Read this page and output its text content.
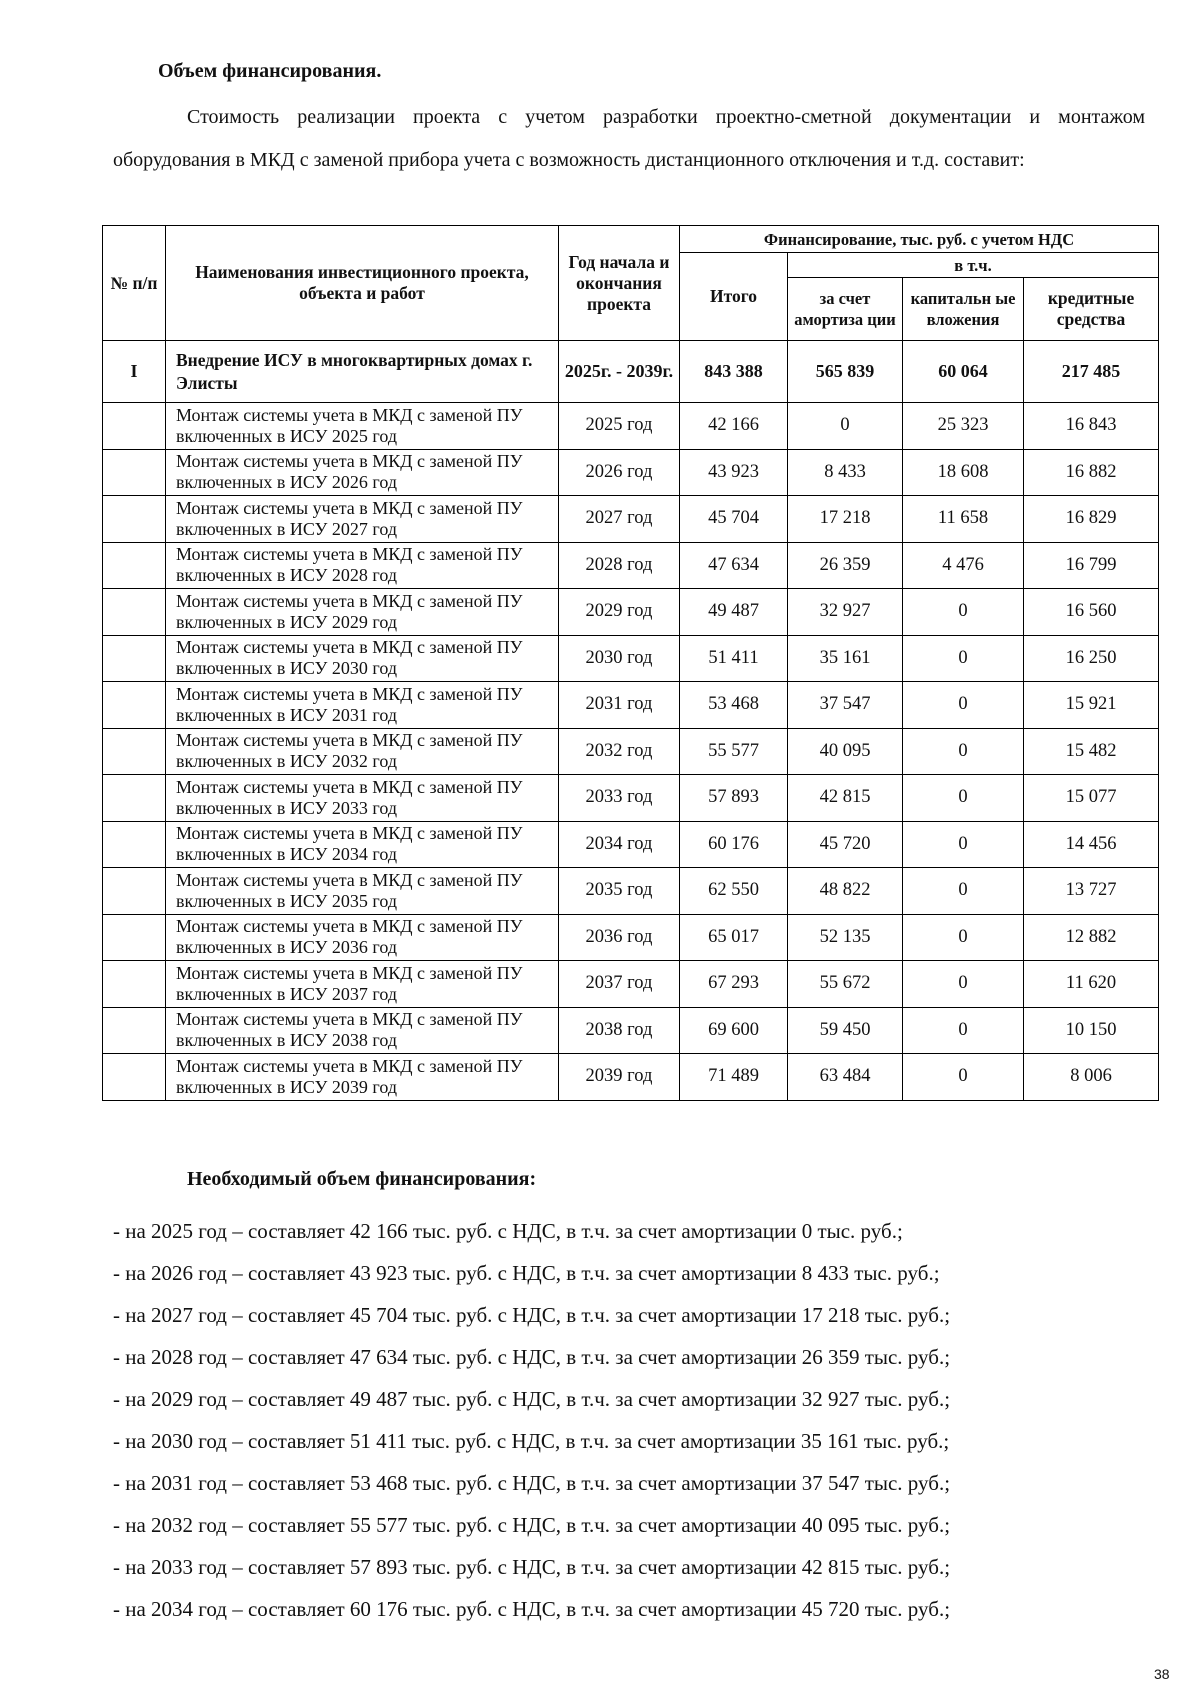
Объем финансирования.
Стоимость реализации проекта с учетом разработки проектно-сметной документации и монтажом оборудования в МКД с заменой прибора учета с возможность дистанционного отключения и т.д. составит:
№ п/п	Наименования инвестиционного проекта, объекта и работ	Год начала и окончания проекта	Финансирование, тыс. руб. с учетом НДС			
			Итого	в т.ч.		
				за счет амортиза ции	капитальн ые вложения	кредитные средства
I	Внедрение ИСУ в многоквартирных домах г. Элисты	2025г. - 2039г.	843 388	565 839	60 064	217 485
	Монтаж системы учета в МКД с заменой ПУ включенных в ИСУ 2025 год	2025 год	42 166	0	25 323	16 843
	Монтаж системы учета в МКД с заменой ПУ включенных в ИСУ 2026 год	2026 год	43 923	8 433	18 608	16 882
	Монтаж системы учета в МКД с заменой ПУ включенных в ИСУ 2027 год	2027 год	45 704	17 218	11 658	16 829
	Монтаж системы учета в МКД с заменой ПУ включенных в ИСУ 2028 год	2028 год	47 634	26 359	4 476	16 799
	Монтаж системы учета в МКД с заменой ПУ включенных в ИСУ 2029 год	2029 год	49 487	32 927	0	16 560
	Монтаж системы учета в МКД с заменой ПУ включенных в ИСУ 2030 год	2030 год	51 411	35 161	0	16 250
	Монтаж системы учета в МКД с заменой ПУ включенных в ИСУ 2031 год	2031 год	53 468	37 547	0	15 921
	Монтаж системы учета в МКД с заменой ПУ включенных в ИСУ 2032 год	2032 год	55 577	40 095	0	15 482
	Монтаж системы учета в МКД с заменой ПУ включенных в ИСУ 2033 год	2033 год	57 893	42 815	0	15 077
	Монтаж системы учета в МКД с заменой ПУ включенных в ИСУ 2034 год	2034 год	60 176	45 720	0	14 456
	Монтаж системы учета в МКД с заменой ПУ включенных в ИСУ 2035 год	2035 год	62 550	48 822	0	13 727
	Монтаж системы учета в МКД с заменой ПУ включенных в ИСУ 2036 год	2036 год	65 017	52 135	0	12 882
	Монтаж системы учета в МКД с заменой ПУ включенных в ИСУ 2037 год	2037 год	67 293	55 672	0	11 620
	Монтаж системы учета в МКД с заменой ПУ включенных в ИСУ 2038 год	2038 год	69 600	59 450	0	10 150
	Монтаж системы учета в МКД с заменой ПУ включенных в ИСУ 2039 год	2039 год	71 489	63 484	0	8 006
Необходимый объем финансирования:
- на 2025 год – составляет 42 166 тыс. руб. с НДС, в т.ч. за счет амортизации 0 тыс. руб.;
- на 2026 год – составляет 43 923 тыс. руб. с НДС, в т.ч. за счет амортизации 8 433 тыс. руб.;
- на 2027 год – составляет 45 704 тыс. руб. с НДС, в т.ч. за счет амортизации 17 218 тыс. руб.;
- на 2028 год – составляет 47 634 тыс. руб. с НДС, в т.ч. за счет амортизации 26 359 тыс. руб.;
- на 2029 год – составляет 49 487 тыс. руб. с НДС, в т.ч. за счет амортизации 32 927 тыс. руб.;
- на 2030 год – составляет 51 411 тыс. руб. с НДС, в т.ч. за счет амортизации 35 161 тыс. руб.;
- на 2031 год – составляет 53 468 тыс. руб. с НДС, в т.ч. за счет амортизации 37 547 тыс. руб.;
- на 2032 год – составляет 55 577 тыс. руб. с НДС, в т.ч. за счет амортизации 40 095 тыс. руб.;
- на 2033 год – составляет 57 893 тыс. руб. с НДС, в т.ч. за счет амортизации 42 815 тыс. руб.;
- на 2034 год – составляет 60 176 тыс. руб. с НДС, в т.ч. за счет амортизации 45 720 тыс. руб.;
38
